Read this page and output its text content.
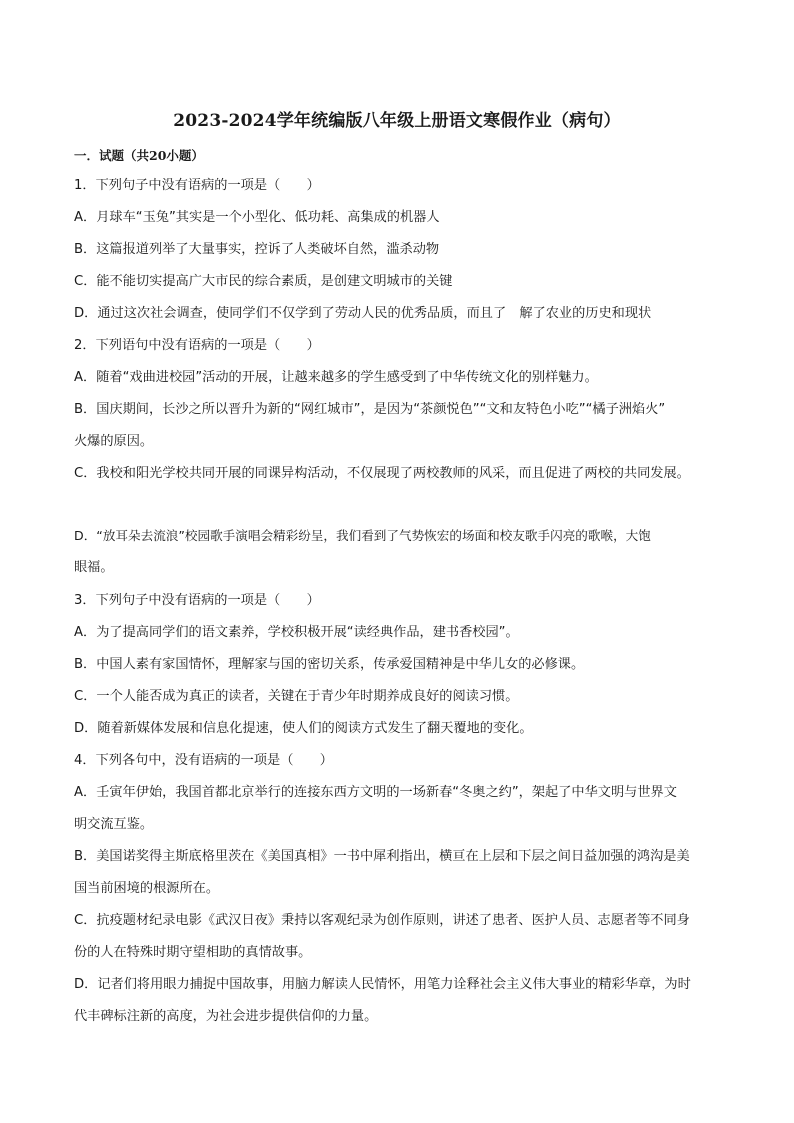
2023-2024学年统编版八年级上册语文寒假作业（病句）
一．试题（共20小题）
1．下列句子中没有语病的一项是（　　）
A．月球车“玉兔”其实是一个小型化、低功耗、高集成的机器人
B．这篇报道列举了大量事实，控诉了人类破坏自然，滥杀动物
C．能不能切实提高广大市民的综合素质，是创建文明城市的关键
D．通过这次社会调查，使同学们不仅学到了劳动人民的优秀品质，而且了　解了农业的历史和现状
2．下列语句中没有语病的一项是（　　）
A．随着“戏曲进校园”活动的开展，让越来越多的学生感受到了中华传统文化的别样魅力。
B．国庆期间，长沙之所以晋升为新的“网红城市”，是因为“茶颜悦色”“文和友特色小吃”“橘子洲焰火”
火爆的原因。
C．我校和阳光学校共同开展的同课异构活动，不仅展现了两校教师的风采，而且促进了两校的共同发展。
D．“放耳朵去流浪”校园歌手演唱会精彩纷呈，我们看到了气势恢宏的场面和校友歌手闪亮的歌喉，大饱
眼福。
3．下列句子中没有语病的一项是（　　）
A．为了提高同学们的语文素养，学校积极开展“读经典作品，建书香校园”。
B．中国人素有家国情怀，理解家与国的密切关系，传承爱国精神是中华儿女的必修课。
C．一个人能否成为真正的读者，关键在于青少年时期养成良好的阅读习惯。
D．随着新媒体发展和信息化提速，使人们的阅读方式发生了翻天覆地的变化。
4．下列各句中，没有语病的一项是（　　）
A．壬寅年伊始，我国首都北京举行的连接东西方文明的一场新春“冬奥之约”，架起了中华文明与世界文
明交流互鉴。
B．美国诺奖得主斯底格里茨在《美国真相》一书中犀利指出，横亘在上层和下层之间日益加强的鸿沟是美
国当前困境的根源所在。
C．抗疫题材纪录电影《武汉日夜》秉持以客观纪录为创作原则，讲述了患者、医护人员、志愿者等不同身
份的人在特殊时期守望相助的真情故事。
D．记者们将用眼力捕捉中国故事，用脑力解读人民情怀，用笔力诠释社会主义伟大事业的精彩华章，为时
代丰碑标注新的高度，为社会进步提供信仰的力量。
